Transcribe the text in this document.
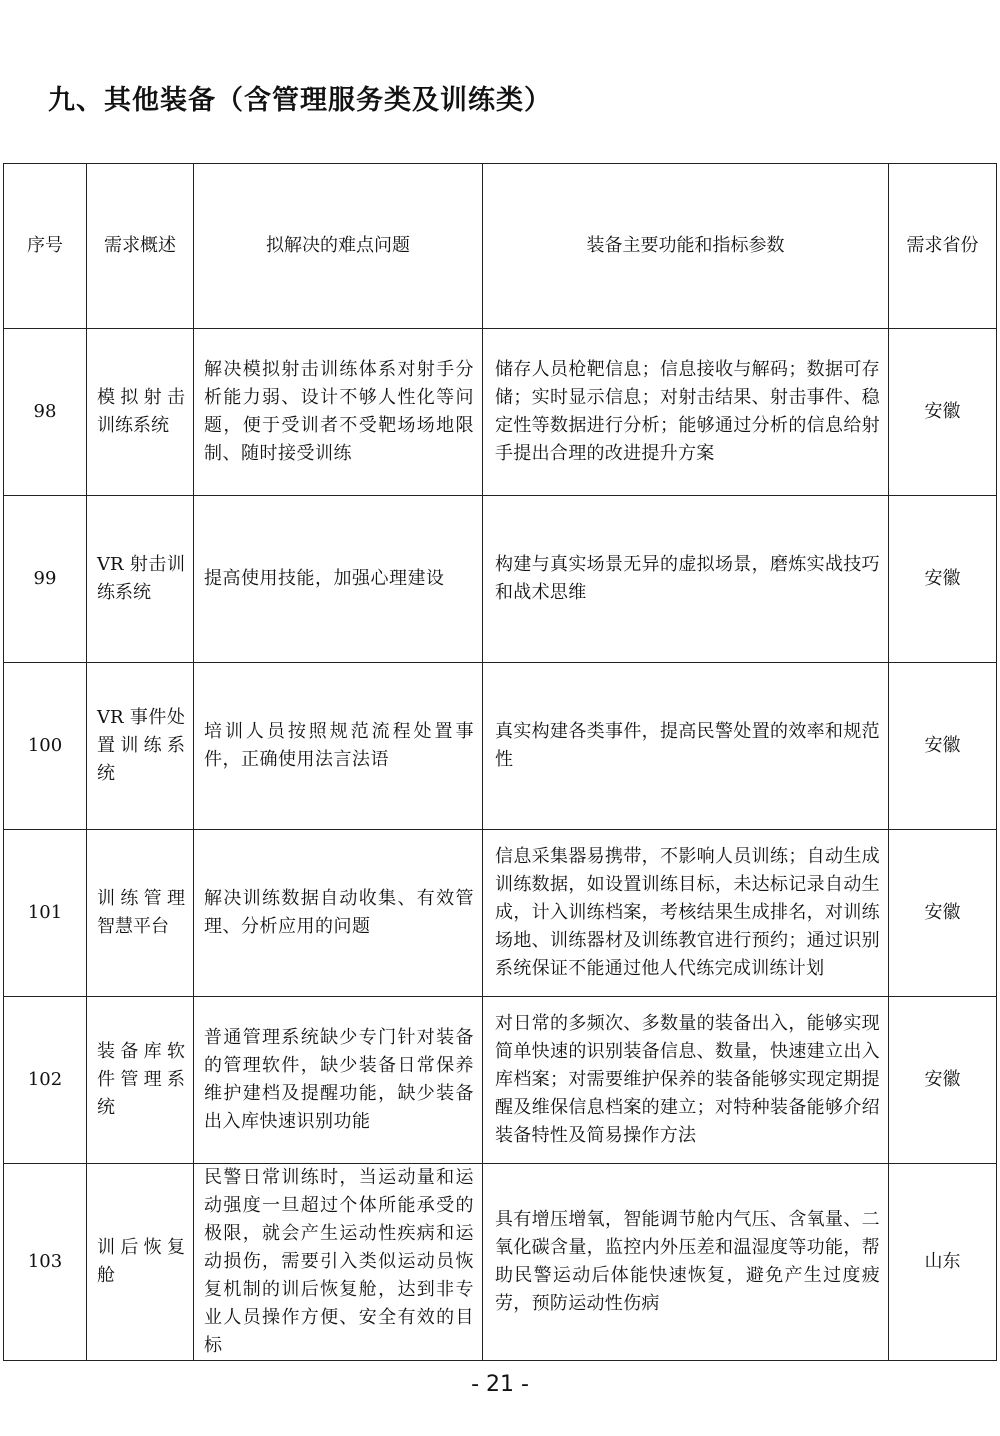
九、其他装备（含管理服务类及训练类）
序号	需求概述	拟解决的难点问题	装备主要功能和指标参数	需求省份
98	模拟射击训练系统	解决模拟射击训练体系对射手分析能力弱、设计不够人性化等问题，便于受训者不受靶场场地限制、随时接受训练	储存人员枪靶信息；信息接收与解码；数据可存储；实时显示信息；对射击结果、射击事件、稳定性等数据进行分析；能够通过分析的信息给射手提出合理的改进提升方案	安徽
99	VR 射击训练系统	提高使用技能，加强心理建设	构建与真实场景无异的虚拟场景，磨炼实战技巧和战术思维	安徽
100	VR 事件处置训练系统	培训人员按照规范流程处置事件，正确使用法言法语	真实构建各类事件，提高民警处置的效率和规范性	安徽
101	训练管理智慧平台	解决训练数据自动收集、有效管理、分析应用的问题	信息采集器易携带，不影响人员训练；自动生成训练数据，如设置训练目标，未达标记录自动生成，计入训练档案，考核结果生成排名，对训练场地、训练器材及训练教官进行预约；通过识别系统保证不能通过他人代练完成训练计划	安徽
102	装备库软件管理系统	普通管理系统缺少专门针对装备的管理软件，缺少装备日常保养维护建档及提醒功能，缺少装备出入库快速识别功能	对日常的多频次、多数量的装备出入，能够实现简单快速的识别装备信息、数量，快速建立出入库档案；对需要维护保养的装备能够实现定期提醒及维保信息档案的建立；对特种装备能够介绍装备特性及简易操作方法	安徽
103	训后恢复舱	民警日常训练时，当运动量和运动强度一旦超过个体所能承受的极限，就会产生运动性疾病和运动损伤，需要引入类似运动员恢复机制的训后恢复舱，达到非专业人员操作方便、安全有效的目标	具有增压增氧，智能调节舱内气压、含氧量、二氧化碳含量，监控内外压差和温湿度等功能，帮助民警运动后体能快速恢复，避免产生过度疲劳，预防运动性伤病	山东
- 21 -
